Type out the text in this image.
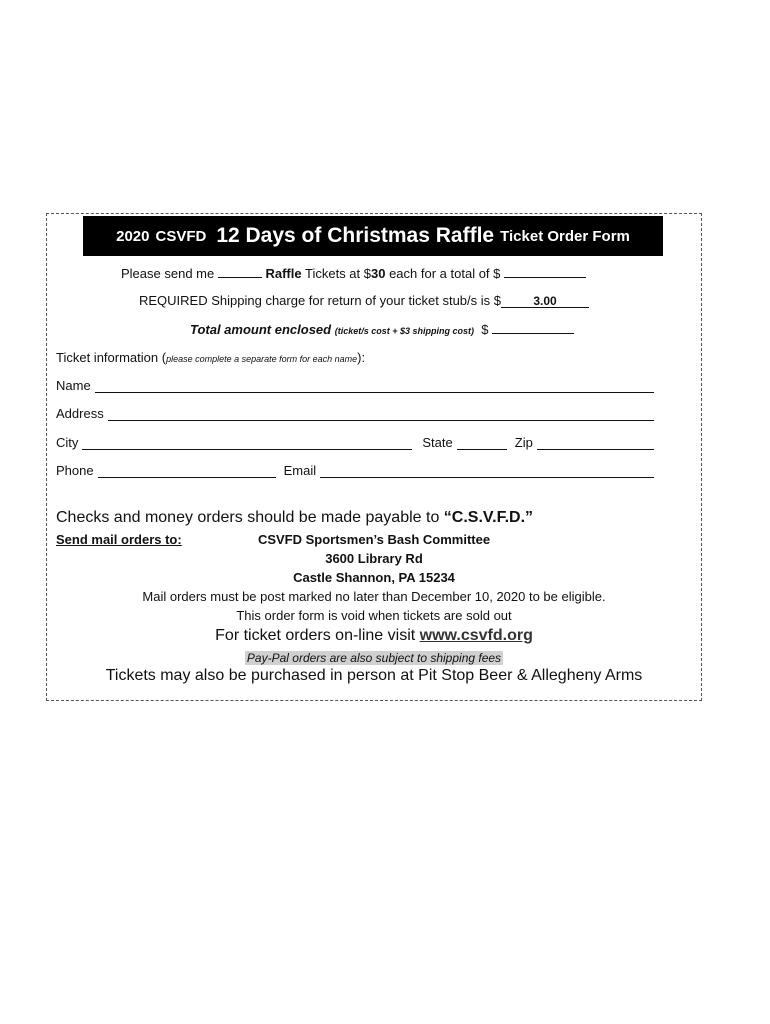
2020 CSVFD 12 Days of Christmas Raffle Ticket Order Form
Please send me	Raffle Tickets at $30 each for a total of $
REQUIRED Shipping charge for return of your ticket stub/s is $	3.00
Total amount enclosed (ticket/s cost + $3 shipping cost) $
Ticket information (please complete a separate form for each name):
Name
Address
City	State	Zip
Phone	Email
Checks and money orders should be made payable to “C.S.V.F.D.”
Send mail orders to:	CSVFD Sportsmen’s Bash Committee
3600 Library Rd
Castle Shannon, PA 15234
Mail orders must be post marked no later than December 10, 2020 to be eligible.
This order form is void when tickets are sold out
For ticket orders on-line visit www.csvfd.org
Pay-Pal orders are also subject to shipping fees
Tickets may also be purchased in person at Pit Stop Beer & Allegheny Arms
